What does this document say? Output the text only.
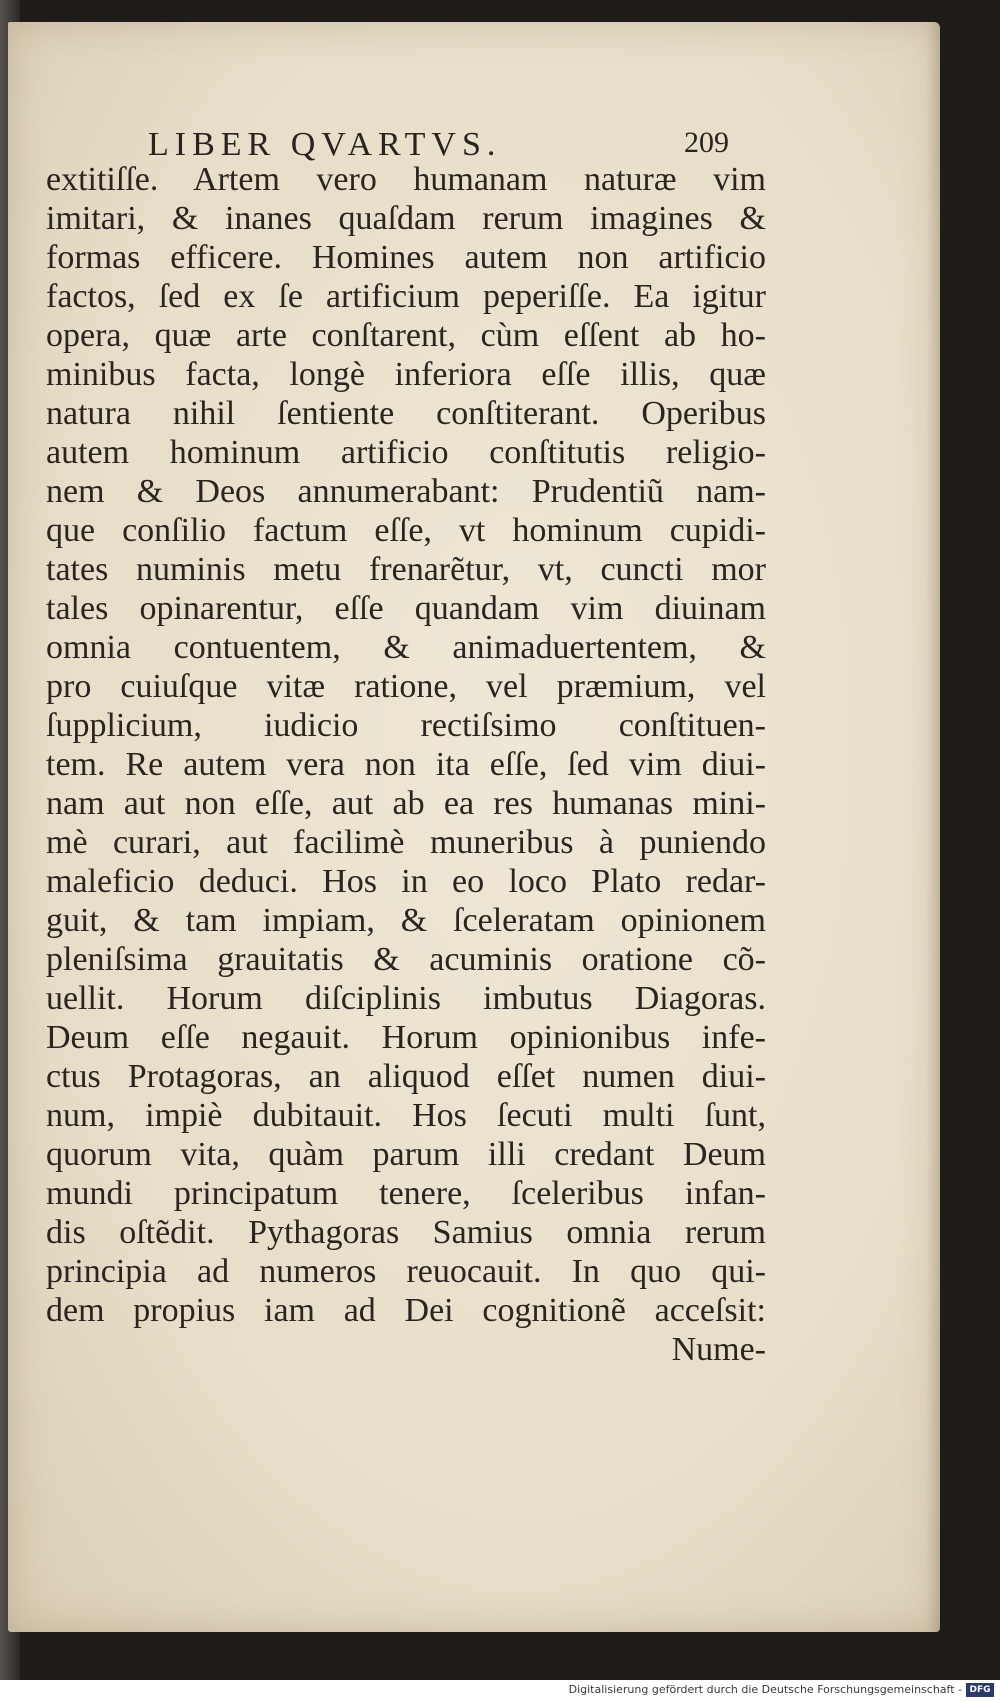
LIBER QVARTVS.	209
extitiſſe. Artem vero humanam naturæ vim
imitari, & inanes quaſdam rerum imagines &
formas efficere. Homines autem non artificio
factos, ſed ex ſe artificium peperiſſe. Ea igitur
opera, quæ arte conſtarent, cùm eſſent ab ho-
minibus facta, longè inferiora eſſe illis, quæ
natura nihil ſentiente conſtiterant. Operibus
autem hominum artificio conſtitutis religio-
nem & Deos annumerabant: Prudentiũ nam-
que conſilio factum eſſe, vt hominum cupidi-
tates numinis metu frenarẽtur, vt, cuncti mor
tales opinarentur, eſſe quandam vim diuinam
omnia contuentem, & animaduertentem, &
pro cuiuſque vitæ ratione, vel præmium, vel
ſupplicium, iudicio rectiſsimo conſtituen-
tem. Re autem vera non ita eſſe, ſed vim diui-
nam aut non eſſe, aut ab ea res humanas mini-
mè curari, aut facilimè muneribus à puniendo
maleficio deduci. Hos in eo loco Plato redar-
guit, & tam impiam, & ſceleratam opinionem
pleniſsima grauitatis & acuminis oratione cõ-
uellit. Horum diſciplinis imbutus Diagoras.
Deum eſſe negauit. Horum opinionibus infe-
ctus Protagoras, an aliquod eſſet numen diui-
num, impiè dubitauit. Hos ſecuti multi ſunt,
quorum vita, quàm parum illi credant Deum
mundi principatum tenere, ſceleribus infan-
dis oſtẽdit. Pythagoras Samius omnia rerum
principia ad numeros reuocauit. In quo qui-
dem propius iam ad Dei cognitionẽ acceſsit:
Nume-
Digitalisierung gefördert durch die Deutsche Forschungsgemeinschaft - DFG
